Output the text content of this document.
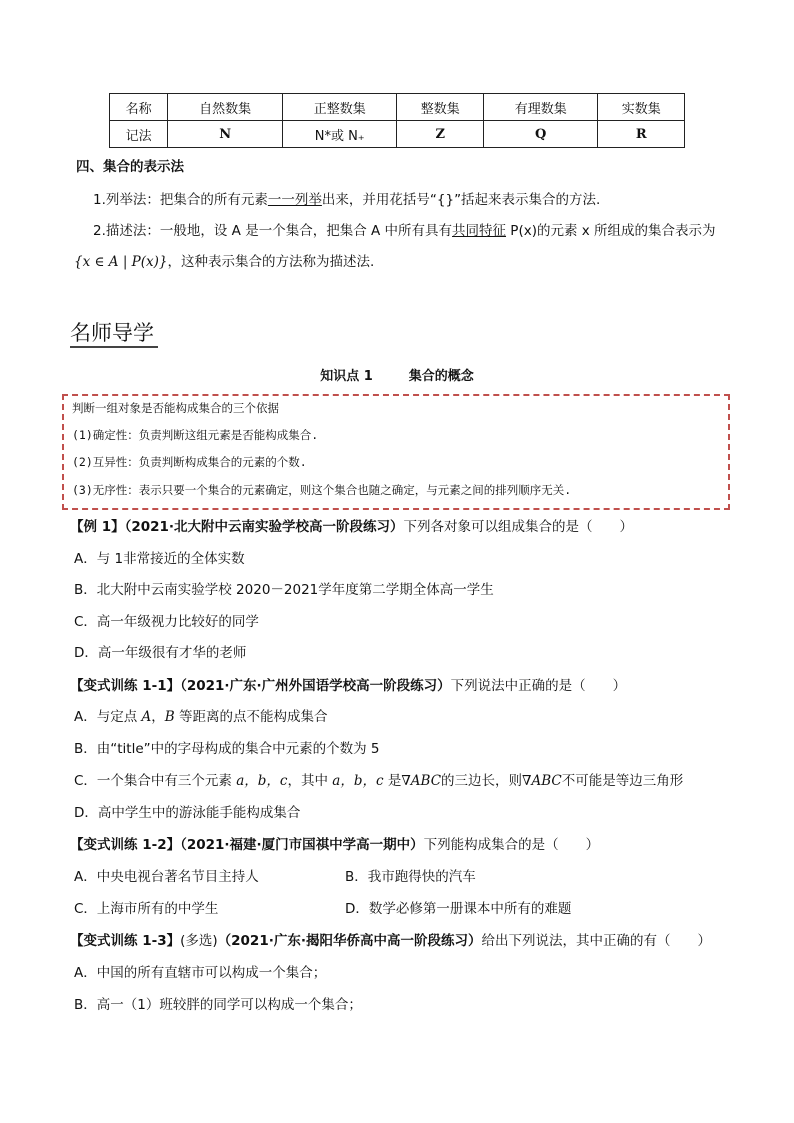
名称	自然数集	正整数集	整数集	有理数集	实数集
记法	N	N*或 N₊	Z	Q	R
四、集合的表示法
1.列举法：把集合的所有元素一一列举出来，并用花括号“{}”括起来表示集合的方法.
2.描述法：一般地，设 A 是一个集合，把集合 A 中所有具有共同特征 P(x)的元素 x 所组成的集合表示为
{x ∈ A | P(x)}，这种表示集合的方法称为描述法.
名师导学
知识点 1	集合的概念
判断一组对象是否能构成集合的三个依据
(1)确定性：负责判断这组元素是否能构成集合.
(2)互异性：负责判断构成集合的元素的个数.
(3)无序性：表示只要一个集合的元素确定，则这个集合也随之确定，与元素之间的排列顺序无关.
【例 1】（2021·北大附中云南实验学校高一阶段练习）下列各对象可以组成集合的是（　　）
A．与 1非常接近的全体实数
B．北大附中云南实验学校 2020－2021学年度第二学期全体高一学生
C．高一年级视力比较好的同学
D．高一年级很有才华的老师
【变式训练 1-1】（2021·广东·广州外国语学校高一阶段练习）下列说法中正确的是（　　）
A．与定点 A，B 等距离的点不能构成集合
B．由“title”中的字母构成的集合中元素的个数为 5
C．一个集合中有三个元素 a，b，c，其中 a，b，c 是∇ABC的三边长，则∇ABC不可能是等边三角形
D．高中学生中的游泳能手能构成集合
【变式训练 1-2】（2021·福建·厦门市国祺中学高一期中）下列能构成集合的是（　　）
A．中央电视台著名节目主持人	B．我市跑得快的汽车
C．上海市所有的中学生	D．数学必修第一册课本中所有的难题
【变式训练 1-3】(多选)（2021·广东·揭阳华侨高中高一阶段练习）给出下列说法，其中正确的有（　　）
A．中国的所有直辖市可以构成一个集合；
B．高一（1）班较胖的同学可以构成一个集合；
